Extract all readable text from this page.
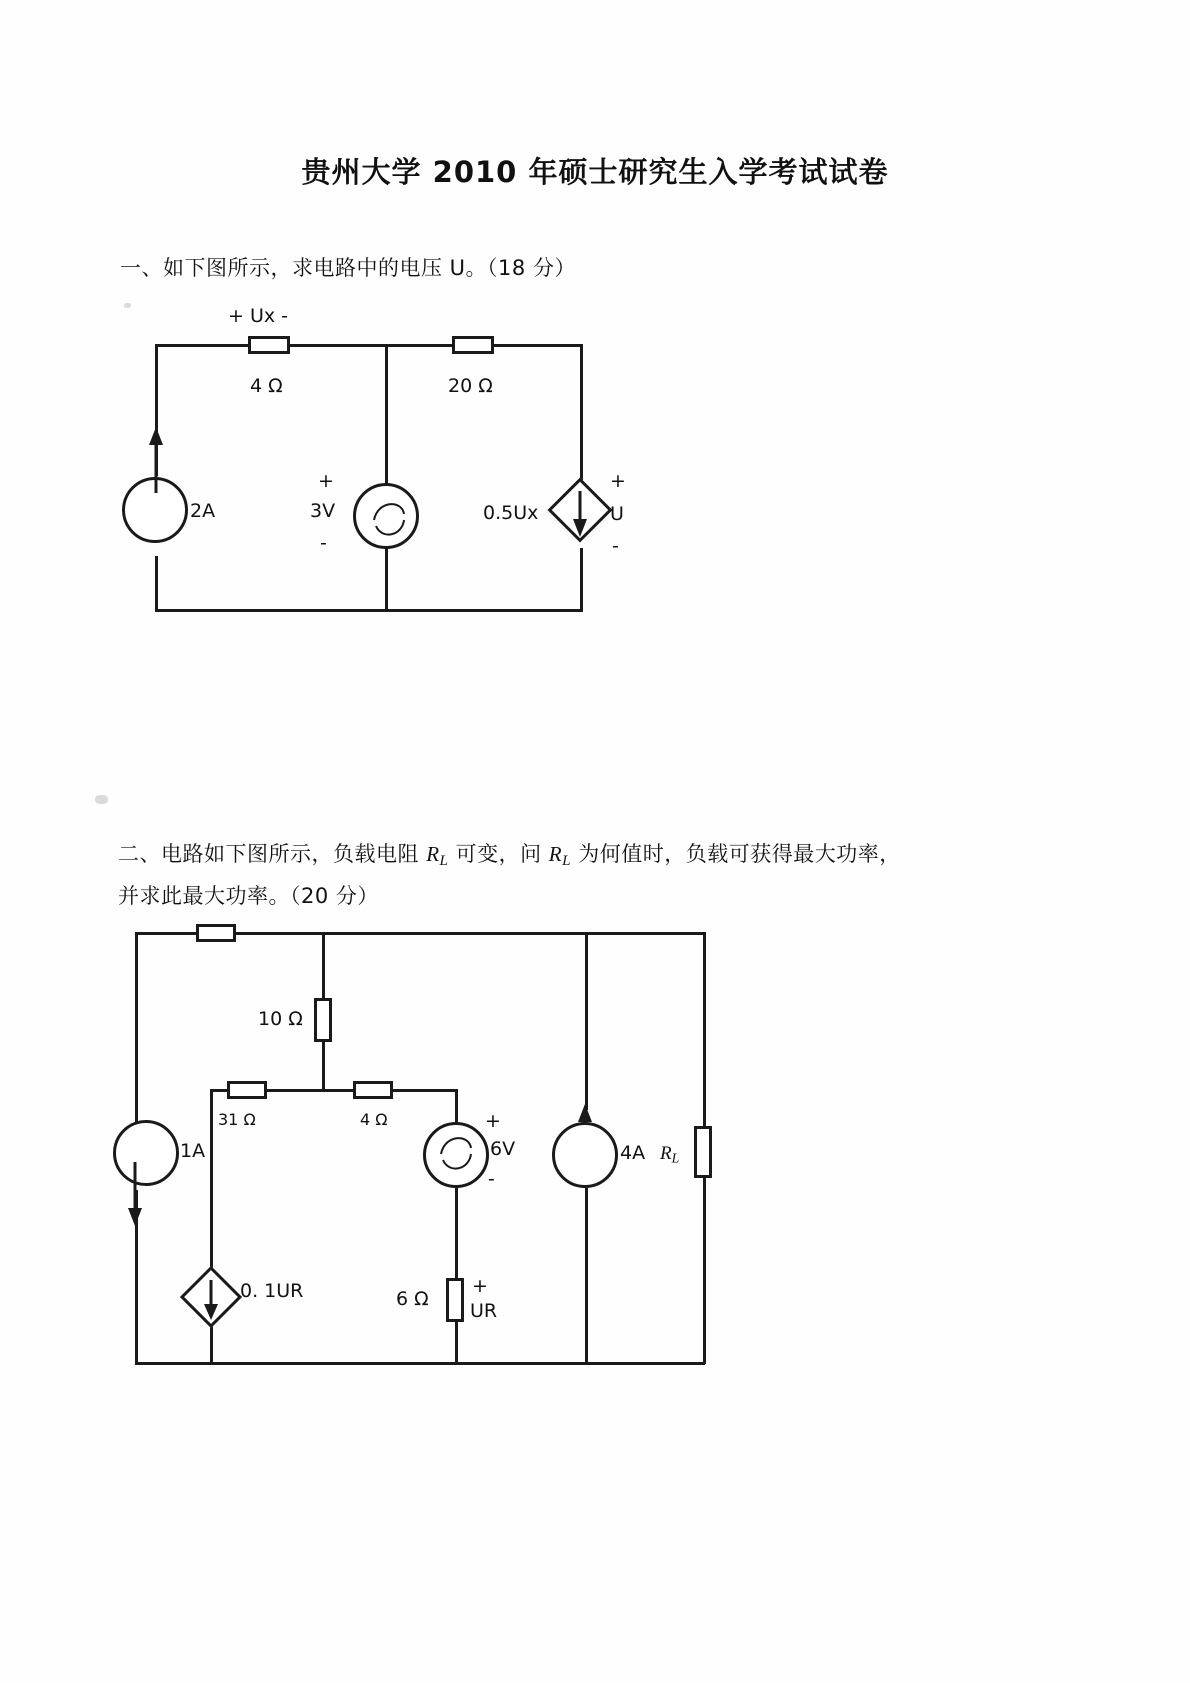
贵州大学 2010 年硕士研究生入学考试试卷
一、如下图所示，求电路中的电压 U。（18 分）
+ Ux -
4 Ω	20 Ω
2A
+
3V
-
0.5Ux
+
U
-
二、电路如下图所示，负载电阻 $R_L$ 可变，问 $R_L$ 为何值时，负载可获得最大功率，
并求此最大功率。（20 分）
1A
0. 1UR
31 Ω	4 Ω
10 Ω
+
6V
-
6 Ω
+
UR
4A $R_L$
